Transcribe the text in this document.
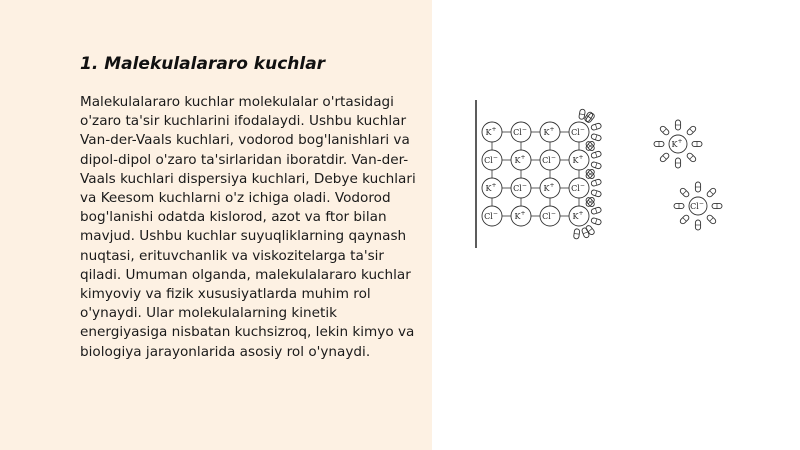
1. Malekulalararo kuchlar

Malekulalararo kuchlar molekulalar o'rtasidagi o'zaro ta'sir kuchlarini ifodalaydi. Ushbu kuchlar Van-der-Vaals kuchlari, vodorod bog'lanishlari va dipol-dipol o'zaro ta'sirlaridan iboratdir. Van-der-Vaals kuchlari dispersiya kuchlari, Debye kuchlari va Keesom kuchlarni o'z ichiga oladi. Vodorod bog'lanishi odatda kislorod, azot va ftor bilan mavjud. Ushbu kuchlar suyuqliklarning qaynash nuqtasi, erituvchanlik va viskozitelarga ta'sir qiladi. Umuman olganda, malekulalararo kuchlar kimyoviy va fizik xususiyatlarda muhim rol o'ynaydi. Ular molekulalarning kinetik energiyasiga nisbatan kuchsizroq, lekin kimyo va biologiya jarayonlarida asosiy rol o'ynaydi.

K+ Cl− K+ Cl−
Cl− K+ Cl− K+
K+ Cl− K+ Cl−
Cl− K+ Cl− K+
K+
Cl−
